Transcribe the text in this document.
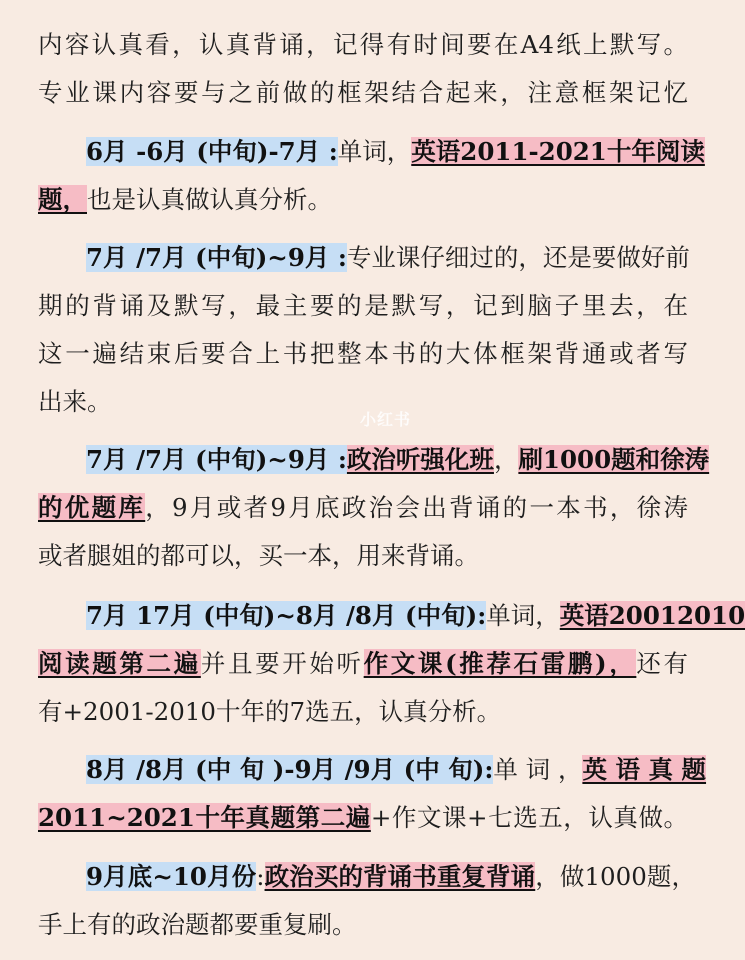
内容认真看，认真背诵，记得有时间要在A4纸上默写。
专业课内容要与之前做的框架结合起来，注意框架记忆
6月 -6月 (中旬)-7月 :单词，英语2011-2021十年阅读
题，也是认真做认真分析。
7月 /7月 (中旬)~9月 :专业课仔细过的，还是要做好前
期的背诵及默写，最主要的是默写，记到脑子里去，在
这一遍结束后要合上书把整本书的大体框架背通或者写
出来。
7月 /7月 (中旬)~9月 :政治听强化班，刷1000题和徐涛
的优题库，9月或者9月底政治会出背诵的一本书，徐涛
或者腿姐的都可以，买一本，用来背诵。
7月 17月 (中旬)~8月 /8月 (中旬):单词，英语20012010
阅读题第二遍并且要开始听作文课(推荐石雷鹏)，还有
有+2001-2010十年的7选五，认真分析。
8月 /8月 (中 旬 )-9月 /9月 (中 旬):单 词 ，英 语 真 题
2011~2021十年真题第二遍+作文课+七选五，认真做。
9月底~10月份:政治买的背诵书重复背诵，做1000题，
手上有的政治题都要重复刷。
小红书
